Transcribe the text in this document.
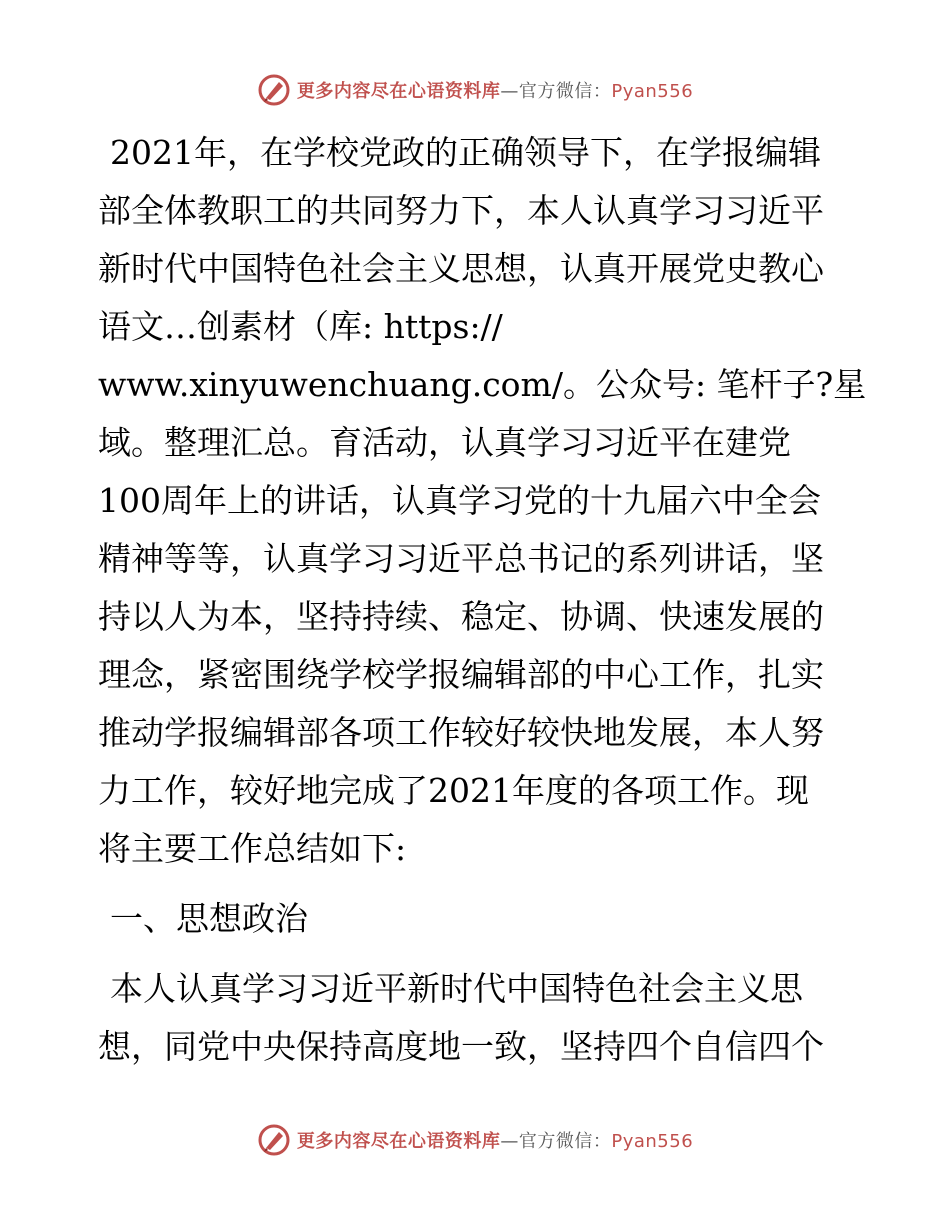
更多内容尽在心语资料库—官方微信：Pyan556
2021年，在学校党政的正确领导下，在学报编辑
部全体教职工的共同努力下，本人认真学习习近平
新时代中国特色社会主义思想，认真开展党史教心
语文…创素材（库: https://
www.xinyuwenchuang.com/。公众号: 笔杆子?星
域。整理汇总。育活动，认真学习习近平在建党
100周年上的讲话，认真学习党的十九届六中全会
精神等等，认真学习习近平总书记的系列讲话，坚
持以人为本，坚持持续、稳定、协调、快速发展的
理念，紧密围绕学校学报编辑部的中心工作，扎实
推动学报编辑部各项工作较好较快地发展，本人努
力工作，较好地完成了2021年度的各项工作。现
将主要工作总结如下:
一、思想政治
本人认真学习习近平新时代中国特色社会主义思
想，同党中央保持高度地一致，坚持四个自信四个
更多内容尽在心语资料库—官方微信：Pyan556
